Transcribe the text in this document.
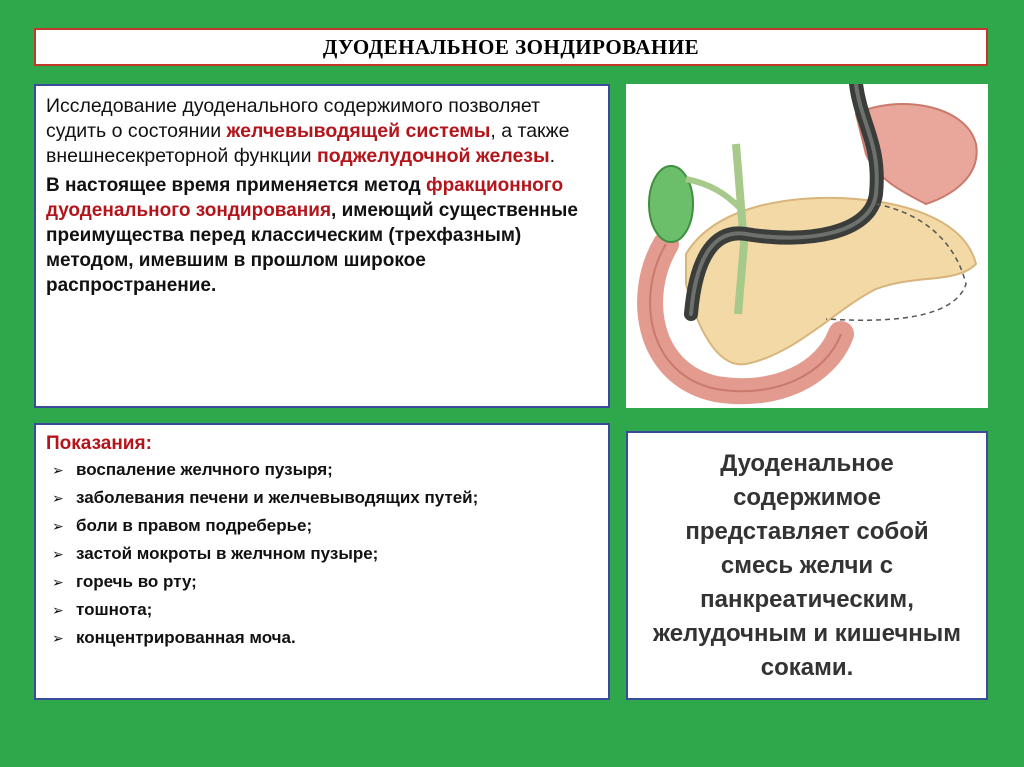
ДУОДЕНАЛЬНОЕ ЗОНДИРОВАНИЕ

Исследование дуоденального содержимого позволяет судить о состоянии желчевыводящей системы, а также внешнесекреторной функции поджелудочной железы.

В настоящее время применяется метод фракционного дуоденального зондирования, имеющий существенные преимущества перед классическим (трехфазным) методом, имевшим в прошлом широкое распространение.

Показания:
➢ воспаление желчного пузыря;
➢ заболевания печени и желчевыводящих путей;
➢ боли в правом подреберье;
➢ застой мокроты в желчном пузыре;
➢ горечь во рту;
➢ тошнота;
➢ концентрированная моча.
Дуоденальное содержимое представляет собой смесь желчи с панкреатическим, желудочным и кишечным соками.
